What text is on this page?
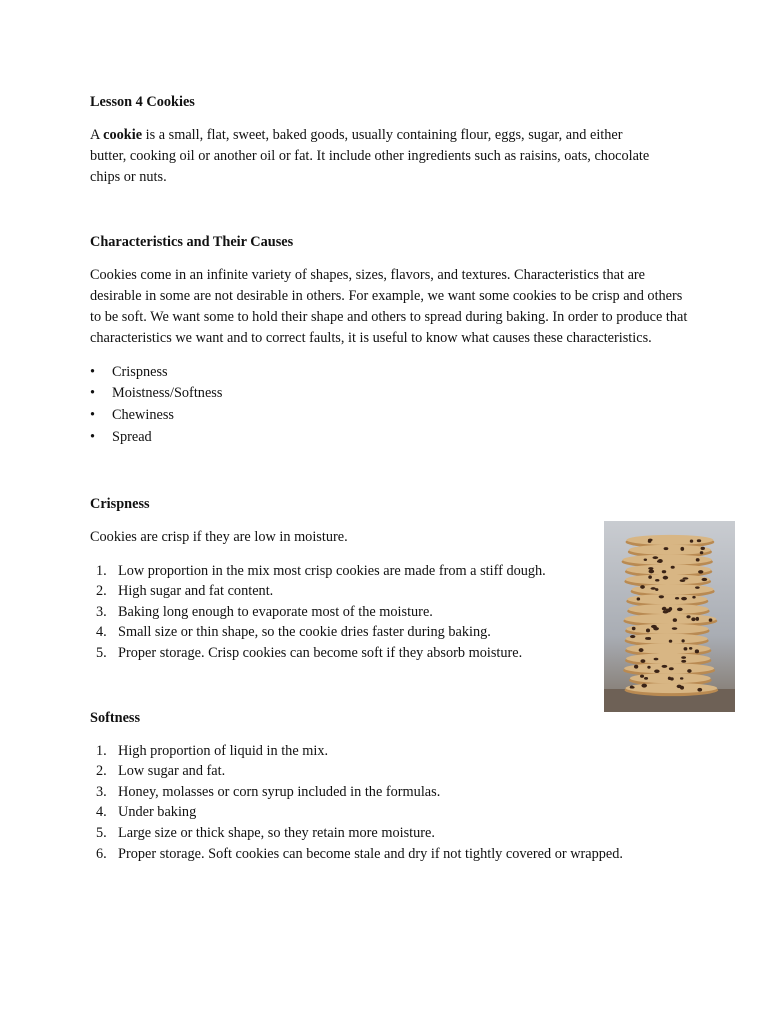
Lesson 4 Cookies

A cookie is a small, flat, sweet, baked goods, usually containing flour, eggs, sugar, and either butter, cooking oil or another oil or fat. It include other ingredients such as raisins, oats, chocolate chips or nuts.

Characteristics and Their Causes

Cookies come in an infinite variety of shapes, sizes, flavors, and textures. Characteristics that are desirable in some are not desirable in others. For example, we want some cookies to be crisp and others to be soft. We want some to hold their shape and others to spread during baking. In order to produce that characteristics we want and to correct faults, it is useful to know what causes these characteristics.

• Crispness
• Moistness/Softness
• Chewiness
• Spread
Crispness

Cookies are crisp if they are low in moisture.

1. Low proportion in the mix most crisp cookies are made from a stiff dough.
2. High sugar and fat content.
3. Baking long enough to evaporate most of the moisture.
4. Small size or thin shape, so the cookie dries faster during baking.
5. Proper storage. Crisp cookies can become soft if they absorb moisture.
Softness
1. High proportion of liquid in the mix.
2. Low sugar and fat.
3. Honey, molasses or corn syrup included in the formulas.
4. Under baking
5. Large size or thick shape, so they retain more moisture.
6. Proper storage. Soft cookies can become stale and dry if not tightly covered or wrapped.
